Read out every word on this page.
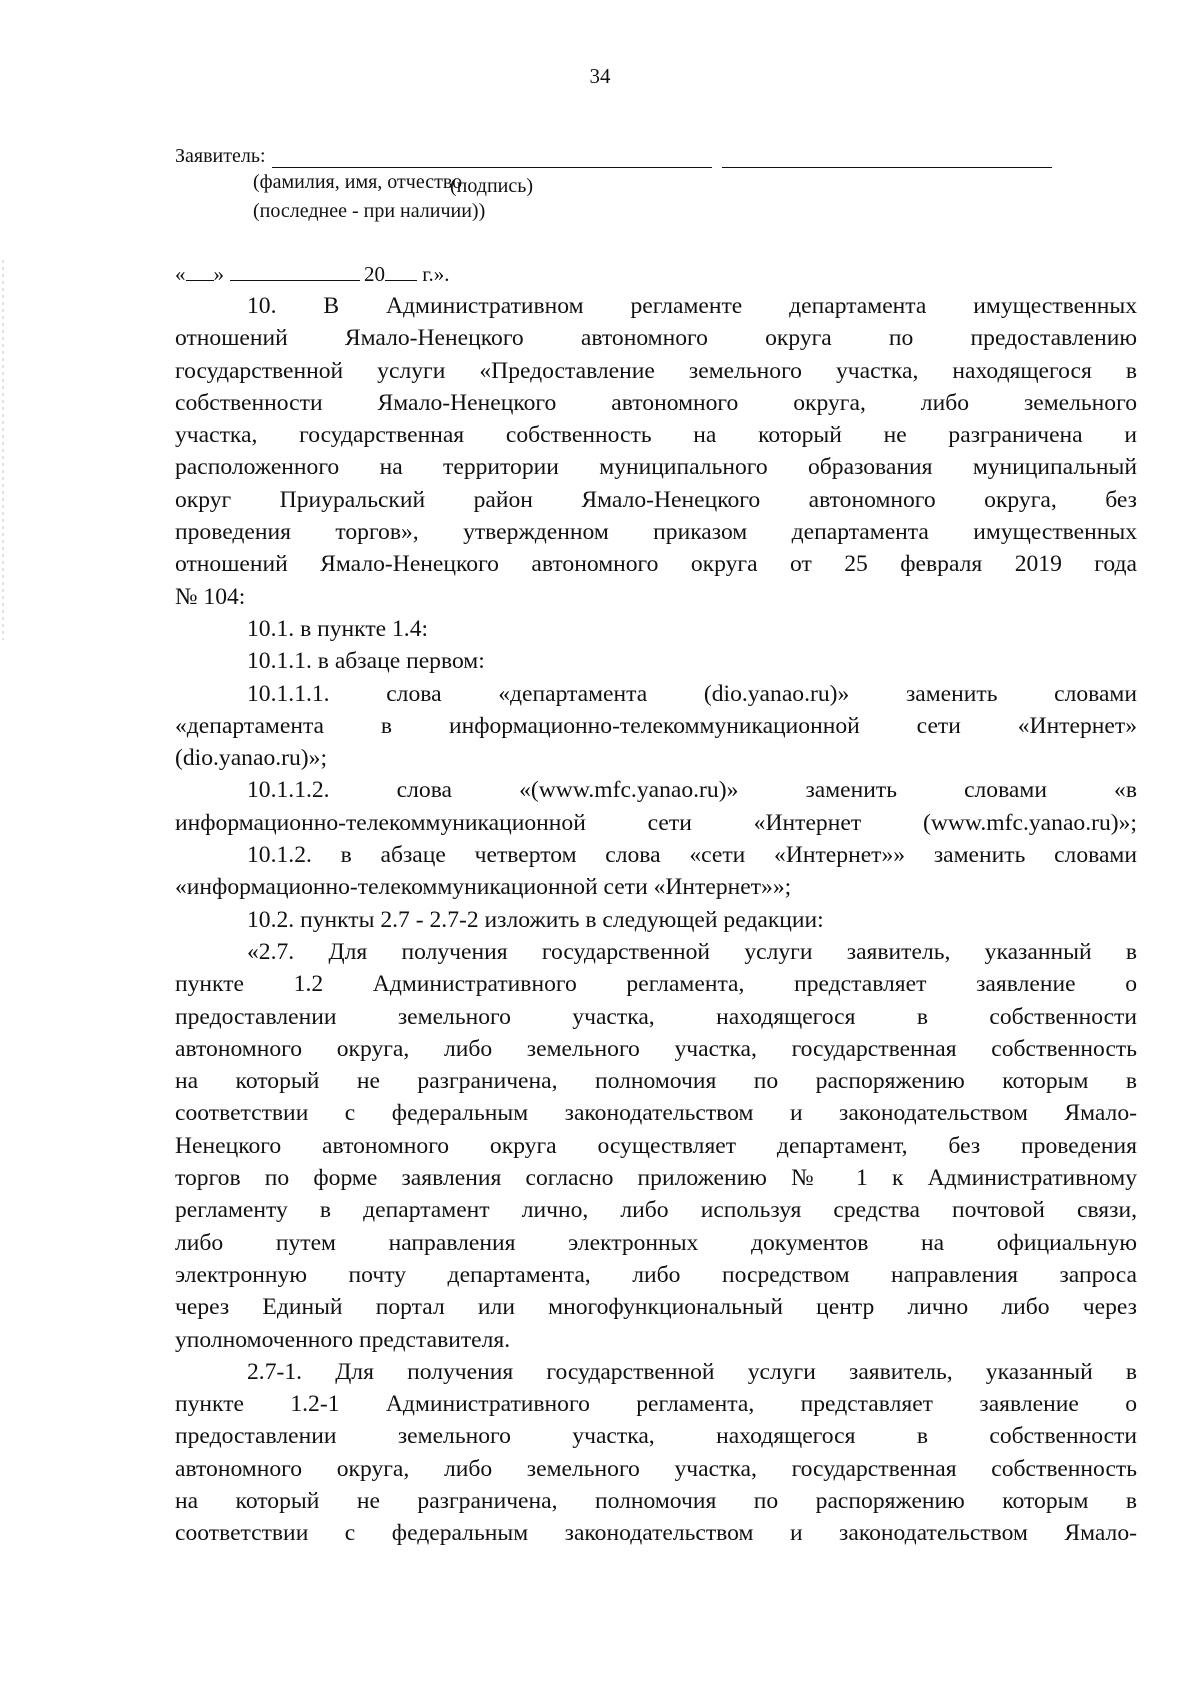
34
Заявитель:
(фамилия, имя, отчество
(последнее - при наличии))
(подпись)
« »	20 г.».
10. В Административном регламенте департамента имущественных
отношений Ямало-Ненецкого автономного округа по предоставлению
государственной услуги «Предоставление земельного участка, находящегося в
собственности Ямало-Ненецкого автономного округа, либо земельного
участка, государственная собственность на который не разграничена и
расположенного на территории муниципального образования муниципальный
округ Приуральский район Ямало-Ненецкого автономного округа, без
проведения торгов», утвержденном приказом департамента имущественных
отношений Ямало-Ненецкого автономного округа от 25 февраля 2019 года
№ 104:
10.1. в пункте 1.4:
10.1.1. в абзаце первом:
10.1.1.1. слова «департамента (dio.yanao.ru)» заменить словами
«департамента в информационно-телекоммуникационной сети «Интернет»
(dio.yanao.ru)»;
10.1.1.2. слова «(www.mfc.yanao.ru)» заменить словами «в
информационно-телекоммуникационной сети «Интернет (www.mfc.yanao.ru)»;
10.1.2. в абзаце четвертом слова «сети «Интернет»» заменить словами
«информационно-телекоммуникационной сети «Интернет»»;
10.2. пункты 2.7 - 2.7-2 изложить в следующей редакции:
«2.7. Для получения государственной услуги заявитель, указанный в
пункте 1.2 Административного регламента, представляет заявление о
предоставлении земельного участка, находящегося в собственности
автономного округа, либо земельного участка, государственная собственность
на который не разграничена, полномочия по распоряжению которым в
соответствии с федеральным законодательством и законодательством Ямало-
Ненецкого автономного округа осуществляет департамент, без проведения
торгов по форме заявления согласно приложению № 1 к Административному
регламенту в департамент лично, либо используя средства почтовой связи,
либо путем направления электронных документов на официальную
электронную почту департамента, либо посредством направления запроса
через Единый портал или многофункциональный центр лично либо через
уполномоченного представителя.
2.7-1. Для получения государственной услуги заявитель, указанный в
пункте 1.2-1 Административного регламента, представляет заявление о
предоставлении земельного участка, находящегося в собственности
автономного округа, либо земельного участка, государственная собственность
на который не разграничена, полномочия по распоряжению которым в
соответствии с федеральным законодательством и законодательством Ямало-
